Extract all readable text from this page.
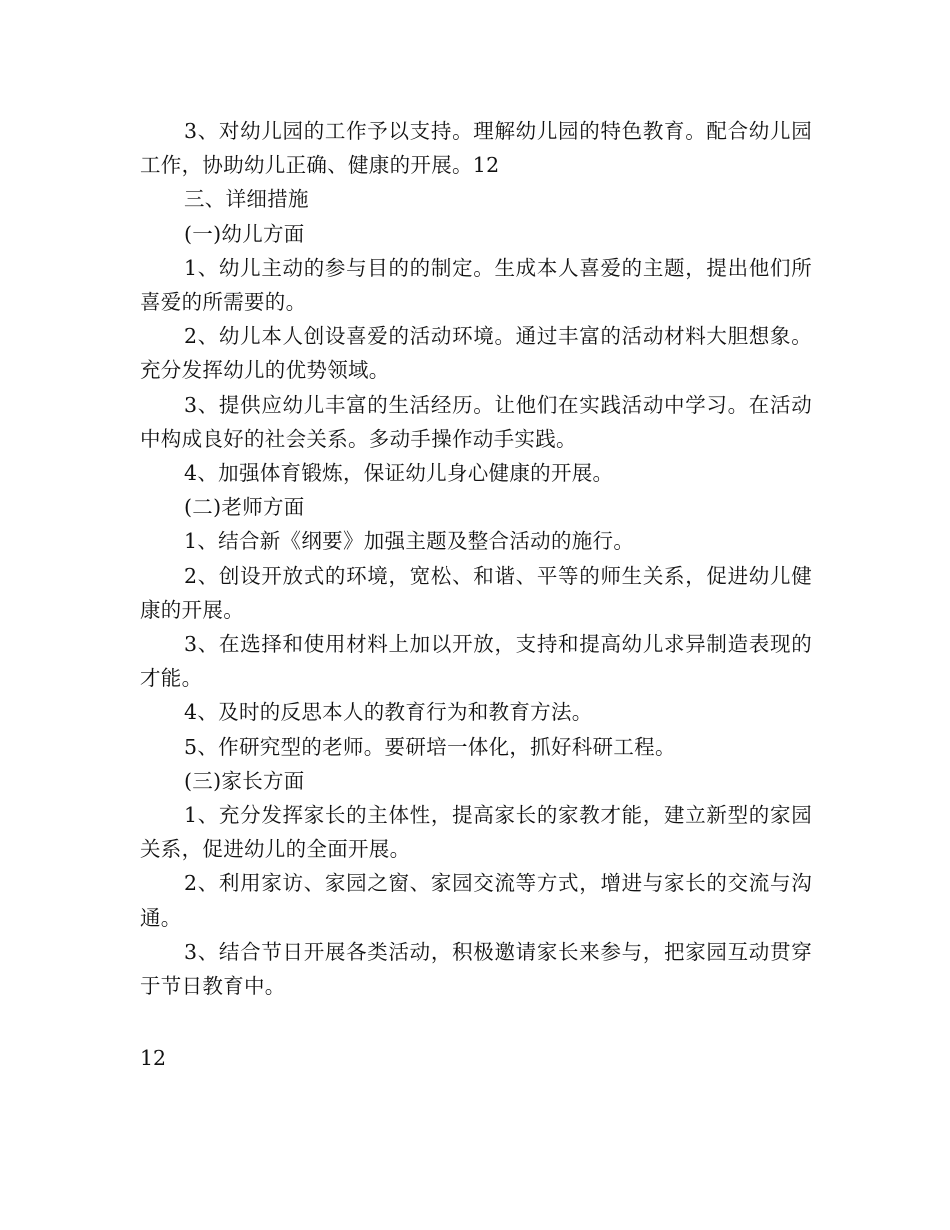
3、对幼儿园的工作予以支持。理解幼儿园的特色教育。配合幼儿园工作，协助幼儿正确、健康的开展。12

三、详细措施

(一)幼儿方面

1、幼儿主动的参与目的的制定。生成本人喜爱的主题，提出他们所喜爱的所需要的。

2、幼儿本人创设喜爱的活动环境。通过丰富的活动材料大胆想象。充分发挥幼儿的优势领域。

3、提供应幼儿丰富的生活经历。让他们在实践活动中学习。在活动中构成良好的社会关系。多动手操作动手实践。

4、加强体育锻炼，保证幼儿身心健康的开展。

(二)老师方面

1、结合新《纲要》加强主题及整合活动的施行。

2、创设开放式的环境，宽松、和谐、平等的师生关系，促进幼儿健康的开展。

3、在选择和使用材料上加以开放，支持和提高幼儿求异制造表现的才能。

4、及时的反思本人的教育行为和教育方法。

5、作研究型的老师。要研培一体化，抓好科研工程。

(三)家长方面

1、充分发挥家长的主体性，提高家长的家教才能，建立新型的家园关系，促进幼儿的全面开展。

2、利用家访、家园之窗、家园交流等方式，增进与家长的交流与沟通。

3、结合节日开展各类活动，积极邀请家长来参与，把家园互动贯穿于节日教育中。

12
